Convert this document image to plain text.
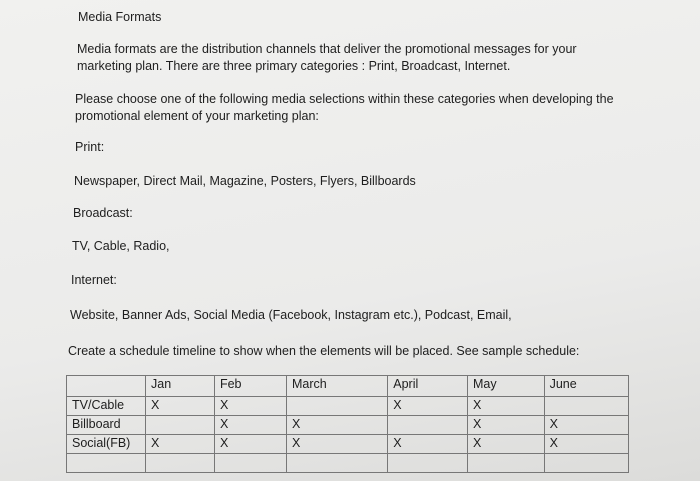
Media Formats
Media formats are the distribution channels that deliver the promotional messages for your marketing plan. There are three primary categories : Print, Broadcast, Internet.
Please choose one of the following media selections within these categories when developing the promotional element of your marketing plan:
Print:
Newspaper, Direct Mail, Magazine, Posters, Flyers, Billboards
Broadcast:
TV, Cable, Radio,
Internet:
Website, Banner Ads, Social Media (Facebook, Instagram etc.), Podcast, Email,
Create a schedule timeline to show when the elements will be placed. See sample schedule:
	Jan	Feb	March	April	May	June
TV/Cable	X	X		X	X	
Billboard		X	X		X	X
Social(FB)	X	X	X	X	X	X
